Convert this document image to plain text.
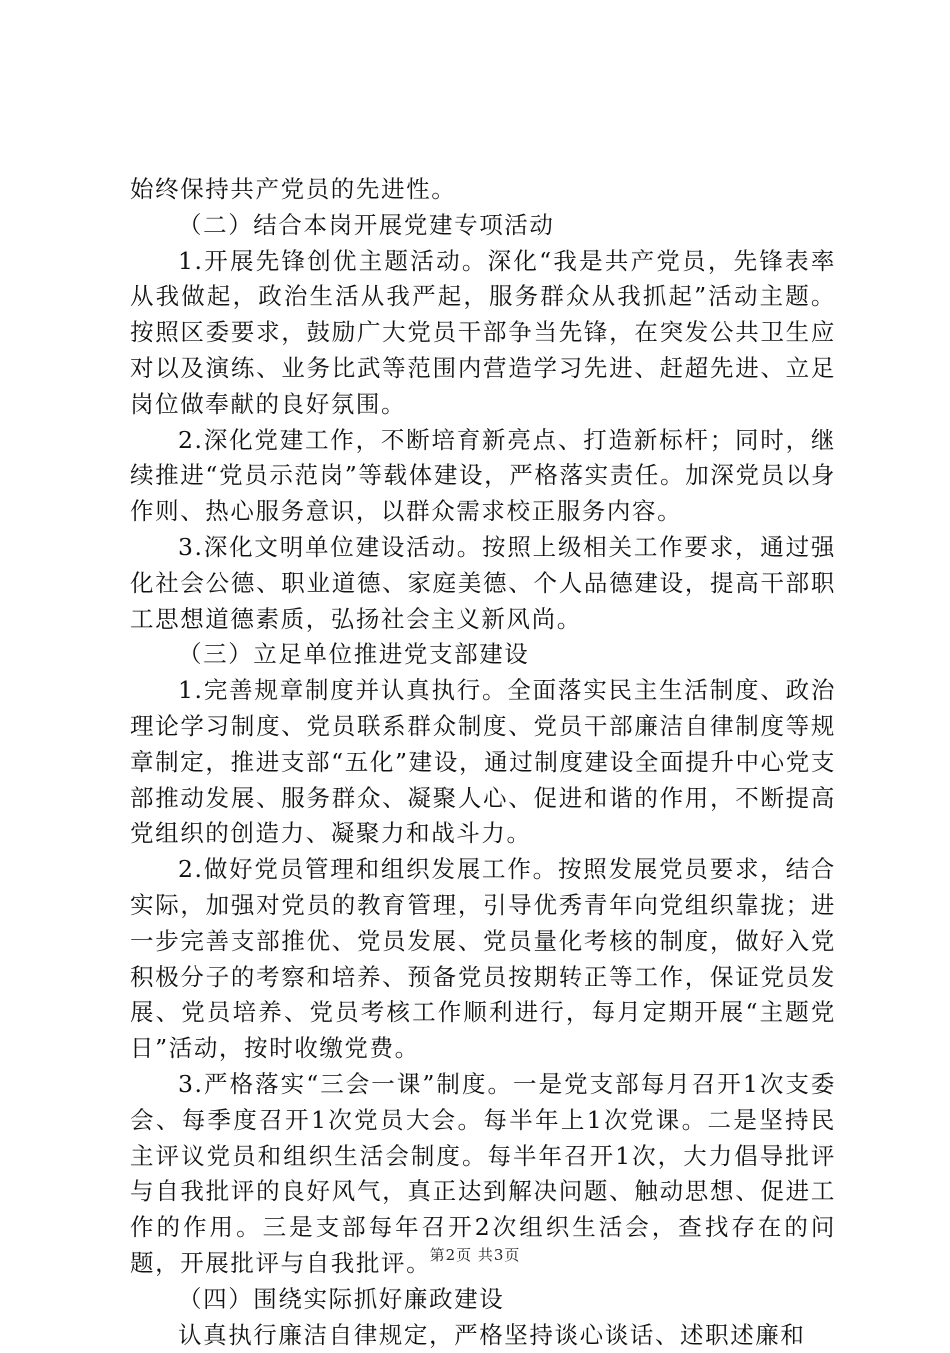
始终保持共产党员的先进性。

（二）结合本岗开展党建专项活动

1.开展先锋创优主题活动。深化“我是共产党员，先锋表率从我做起，政治生活从我严起，服务群众从我抓起”活动主题。按照区委要求，鼓励广大党员干部争当先锋，在突发公共卫生应对以及演练、业务比武等范围内营造学习先进、赶超先进、立足岗位做奉献的良好氛围。

2.深化党建工作，不断培育新亮点、打造新标杆；同时，继续推进“党员示范岗”等载体建设，严格落实责任。加深党员以身作则、热心服务意识，以群众需求校正服务内容。

3.深化文明单位建设活动。按照上级相关工作要求，通过强化社会公德、职业道德、家庭美德、个人品德建设，提高干部职工思想道德素质，弘扬社会主义新风尚。

（三）立足单位推进党支部建设

1.完善规章制度并认真执行。全面落实民主生活制度、政治理论学习制度、党员联系群众制度、党员干部廉洁自律制度等规章制定，推进支部“五化”建设，通过制度建设全面提升中心党支部推动发展、服务群众、凝聚人心、促进和谐的作用，不断提高党组织的创造力、凝聚力和战斗力。

2.做好党员管理和组织发展工作。按照发展党员要求，结合实际，加强对党员的教育管理，引导优秀青年向党组织靠拢；进一步完善支部推优、党员发展、党员量化考核的制度，做好入党积极分子的考察和培养、预备党员按期转正等工作，保证党员发展、党员培养、党员考核工作顺利进行，每月定期开展“主题党日”活动，按时收缴党费。

3.严格落实“三会一课”制度。一是党支部每月召开1次支委会、每季度召开1次党员大会。每半年上1次党课。二是坚持民主评议党员和组织生活会制度。每半年召开1次，大力倡导批评与自我批评的良好风气，真正达到解决问题、触动思想、促进工作的作用。三是支部每年召开2次组织生活会，查找存在的问题，开展批评与自我批评。

（四）围绕实际抓好廉政建设

认真执行廉洁自律规定，严格坚持谈心谈话、述职述廉和

第2页 共3页
